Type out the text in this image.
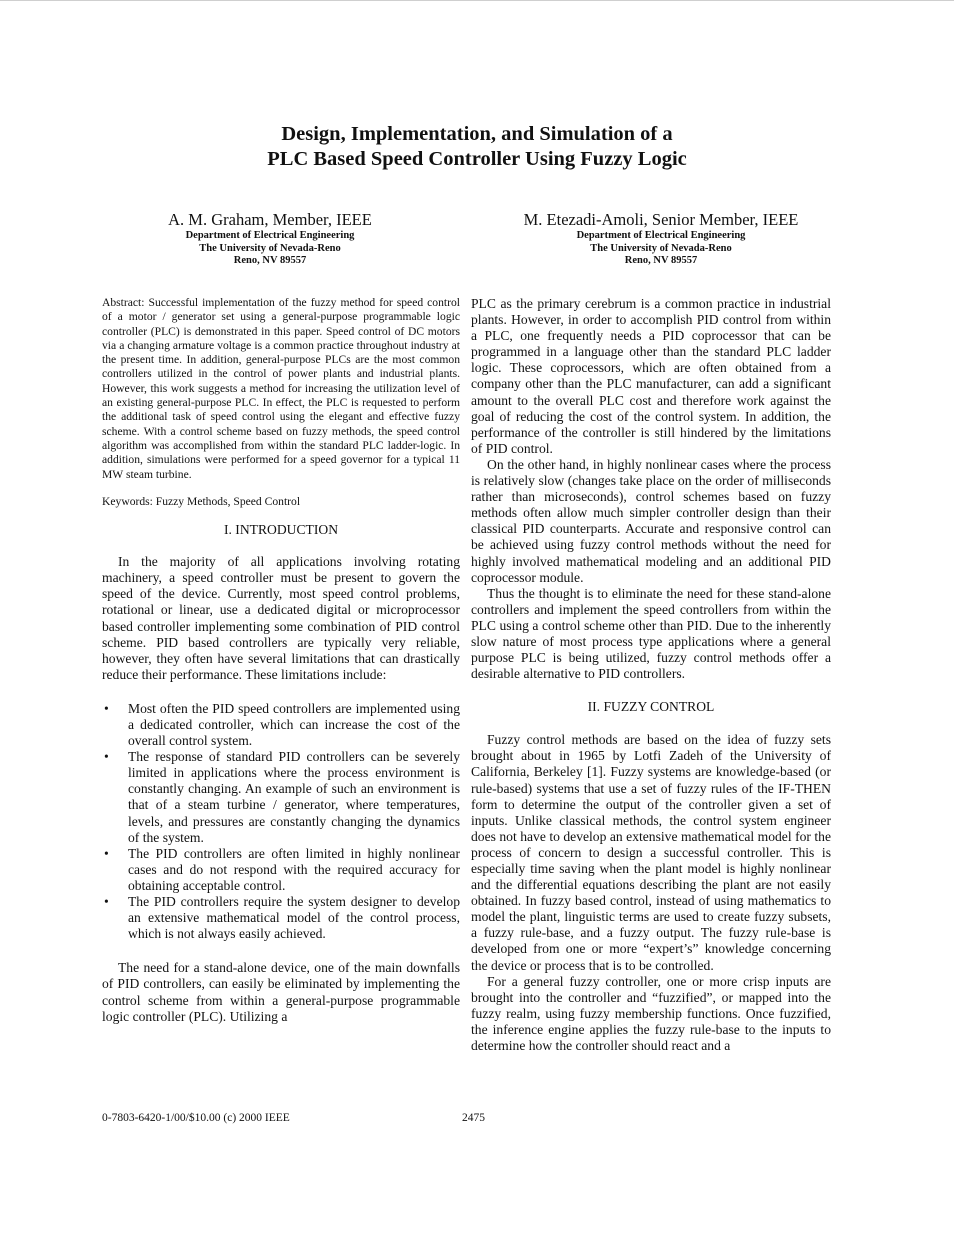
Design, Implementation, and Simulation of a
PLC Based Speed Controller Using Fuzzy Logic
A. M. Graham, Member, IEEE
Department of Electrical Engineering
The University of Nevada-Reno
Reno, NV 89557
M. Etezadi-Amoli, Senior Member, IEEE
Department of Electrical Engineering
The University of Nevada-Reno
Reno, NV 89557

Abstract: Successful implementation of the fuzzy method for speed control of a motor / generator set using a general-purpose programmable logic controller (PLC) is demonstrated in this paper. Speed control of DC motors via a changing armature voltage is a common practice throughout industry at the present time. In addition, general-purpose PLCs are the most common controllers utilized in the control of power plants and industrial plants. However, this work suggests a method for increasing the utilization level of an existing general-purpose PLC. In effect, the PLC is requested to perform the additional task of speed control using the elegant and effective fuzzy scheme. With a control scheme based on fuzzy methods, the speed control algorithm was accomplished from within the standard PLC ladder-logic. In addition, simulations were performed for a speed governor for a typical 11 MW steam turbine.

Keywords: Fuzzy Methods, Speed Control

I. INTRODUCTION

In the majority of all applications involving rotating machinery, a speed controller must be present to govern the speed of the device. Currently, most speed control problems, rotational or linear, use a dedicated digital or microprocessor based controller implementing some combination of PID control scheme. PID based controllers are typically very reliable, however, they often have several limitations that can drastically reduce their performance. These limitations include:

• Most often the PID speed controllers are implemented using a dedicated controller, which can increase the cost of the overall control system.
• The response of standard PID controllers can be severely limited in applications where the process environment is constantly changing. An example of such an environment is that of a steam turbine / generator, where temperatures, levels, and pressures are constantly changing the dynamics of the system.
• The PID controllers are often limited in highly nonlinear cases and do not respond with the required accuracy for obtaining acceptable control.
• The PID controllers require the system designer to develop an extensive mathematical model of the control process, which is not always easily achieved.

The need for a stand-alone device, one of the main downfalls of PID controllers, can easily be eliminated by implementing the control scheme from within a general-purpose programmable logic controller (PLC). Utilizing a

PLC as the primary cerebrum is a common practice in industrial plants. However, in order to accomplish PID control from within a PLC, one frequently needs a PID coprocessor that can be programmed in a language other than the standard PLC ladder logic. These coprocessors, which are often obtained from a company other than the PLC manufacturer, can add a significant amount to the overall PLC cost and therefore work against the goal of reducing the cost of the control system. In addition, the performance of the controller is still hindered by the limitations of PID control.

On the other hand, in highly nonlinear cases where the process is relatively slow (changes take place on the order of milliseconds rather than microseconds), control schemes based on fuzzy methods often allow much simpler controller design than their classical PID counterparts. Accurate and responsive control can be achieved using fuzzy control methods without the need for highly involved mathematical modeling and an additional PID coprocessor module.

Thus the thought is to eliminate the need for these stand-alone controllers and implement the speed controllers from within the PLC using a control scheme other than PID. Due to the inherently slow nature of most process type applications where a general purpose PLC is being utilized, fuzzy control methods offer a desirable alternative to PID controllers.

II. FUZZY CONTROL

Fuzzy control methods are based on the idea of fuzzy sets brought about in 1965 by Lotfi Zadeh of the University of California, Berkeley [1]. Fuzzy systems are knowledge-based (or rule-based) systems that use a set of fuzzy rules of the IF-THEN form to determine the output of the controller given a set of inputs. Unlike classical methods, the control system engineer does not have to develop an extensive mathematical model for the process of concern to design a successful controller. This is especially time saving when the plant model is highly nonlinear and the differential equations describing the plant are not easily obtained. In fuzzy based control, instead of using mathematics to model the plant, linguistic terms are used to create fuzzy subsets, a fuzzy rule-base, and a fuzzy output. The fuzzy rule-base is developed from one or more “expert’s” knowledge concerning the device or process that is to be controlled.

For a general fuzzy controller, one or more crisp inputs are brought into the controller and “fuzzified”, or mapped into the fuzzy realm, using fuzzy membership functions. Once fuzzified, the inference engine applies the fuzzy rule-base to the inputs to determine how the controller should react and a

0-7803-6420-1/00/$10.00 (c) 2000 IEEE	2475
